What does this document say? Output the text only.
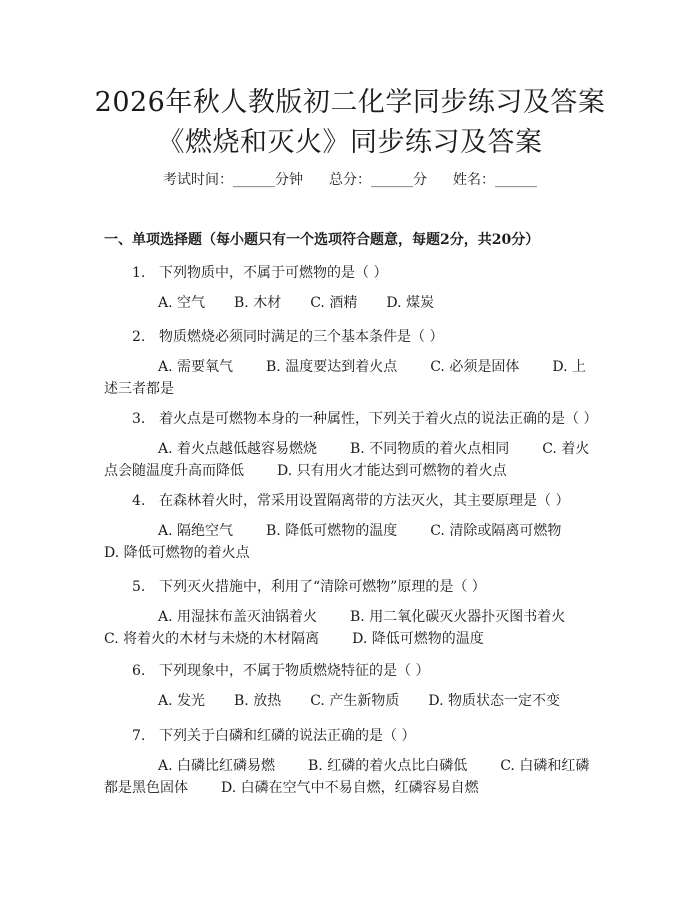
2026年秋人教版初二化学同步练习及答案
《燃烧和灭火》同步练习及答案
考试时间：______分钟 总分：______分 姓名：______
一、单项选择题（每小题只有一个选项符合题意，每题2分，共20分）
1. 下列物质中，不属于可燃物的是（ ）
A. 空气 B. 木材 C. 酒精 D. 煤炭
2. 物质燃烧必须同时满足的三个基本条件是（ ）
A. 需要氧气 B. 温度要达到着火点 C. 必须是固体 D. 上
述三者都是
3. 着火点是可燃物本身的一种属性，下列关于着火点的说法正确的是（ ）
A. 着火点越低越容易燃烧 B. 不同物质的着火点相同 C. 着火
点会随温度升高而降低 D. 只有用火才能达到可燃物的着火点
4. 在森林着火时，常采用设置隔离带的方法灭火，其主要原理是（ ）
A. 隔绝空气 B. 降低可燃物的温度 C. 清除或隔离可燃物
D. 降低可燃物的着火点
5. 下列灭火措施中，利用了“清除可燃物”原理的是（ ）
A. 用湿抹布盖灭油锅着火 B. 用二氧化碳灭火器扑灭图书着火
C. 将着火的木材与未烧的木材隔离 D. 降低可燃物的温度
6. 下列现象中，不属于物质燃烧特征的是（ ）
A. 发光 B. 放热 C. 产生新物质 D. 物质状态一定不变
7. 下列关于白磷和红磷的说法正确的是（ ）
A. 白磷比红磷易燃 B. 红磷的着火点比白磷低 C. 白磷和红磷
都是黑色固体 D. 白磷在空气中不易自燃，红磷容易自燃
